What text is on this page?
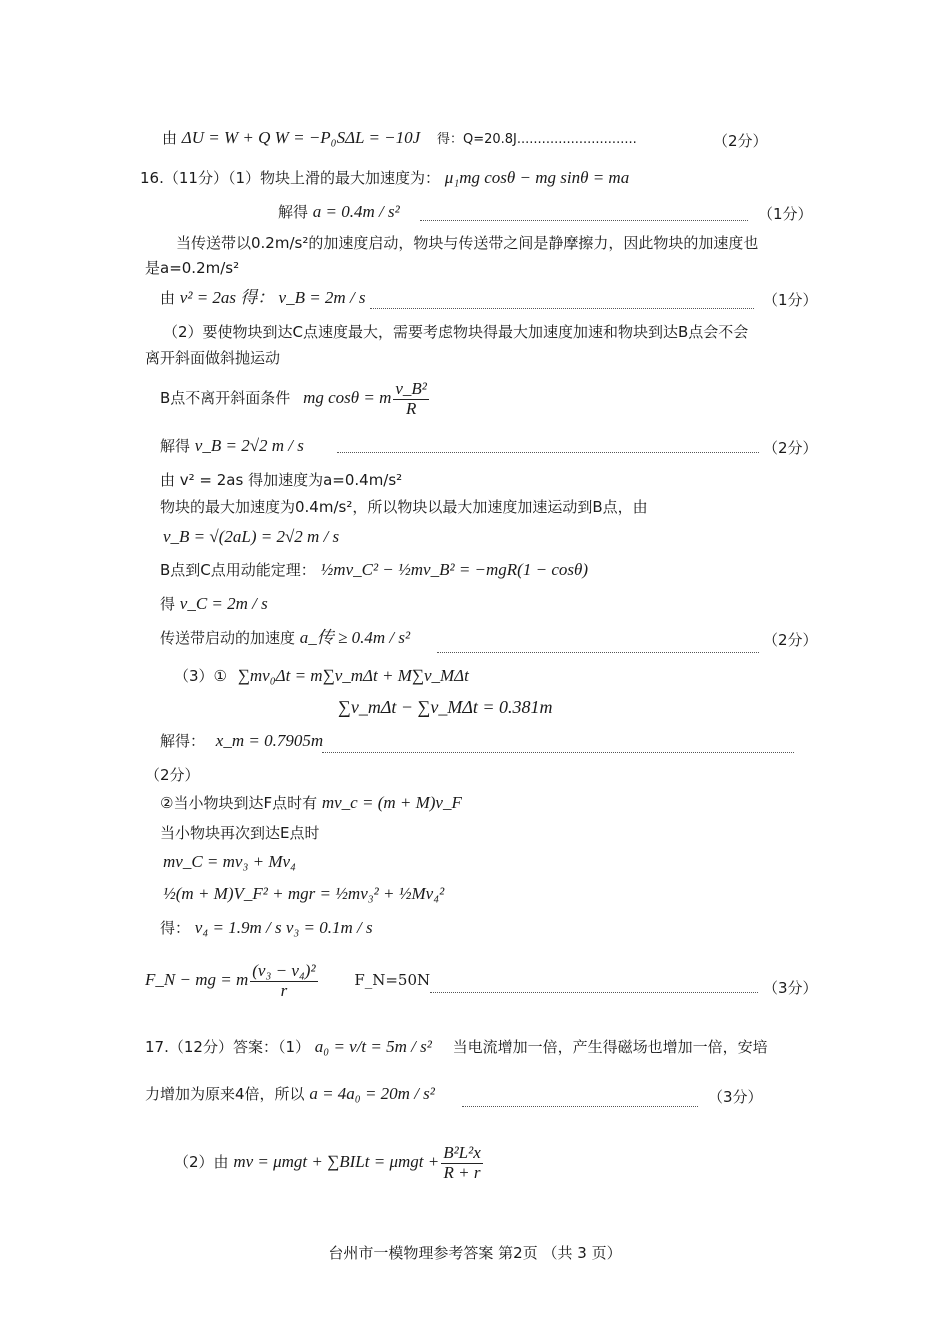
由 ΔU = W + Q W = −P₀SΔL = −10J 得：Q=20.8J.............................	（2分）
16.（11分）（1）物块上滑的最大加速度为： μ₁mg cosθ − mg sinθ = ma
解得 a = 0.4m / s²	（1分）
当传送带以0.2m/s²的加速度启动，物块与传送带之间是静摩擦力，因此物块的加速度也
是a=0.2m/s²
由 v² = 2as 得： v_B = 2m / s	（1分）
（2）要使物块到达C点速度最大，需要考虑物块得最大加速度加速和物块到达B点会不会
离开斜面做斜抛运动
B点不离开斜面条件 mg cosθ = m $\frac{\text{v\_B²}}{R}$
解得 v_B = 2√2 m / s	（2分）
由 v² = 2as 得加速度为a=0.4m/s²
物块的最大加速度为0.4m/s²，所以物块以最大加速度加速运动到B点，由
v_B = √(2aL) = 2√2 m / s
B点到C点用动能定理： ½mv_C² − ½mv_B² = −mgR(1 − cosθ)
得 v_C = 2m / s
传送带启动的加速度 a_传 ≥ 0.4m / s²	（2分）
（3）① ∑mv₀Δt = m∑v_mΔt + M∑v_MΔt
∑v_mΔt − ∑v_MΔt = 0.381m
解得： x_m = 0.7905m
（2分）
②当小物块到达F点时有 mv_c = (m + M)v_F
当小物块再次到达E点时
mv_C = mv₃ + Mv₄
½(m + M)V_F² + mgr = ½mv₃² + ½Mv₄²
得： v₄ = 1.9m / s v₃ = 0.1m / s
F_N − mg = m $\frac{\text{(v₃ − v₄)²}}{r}$ F_N=50N	（3分）
17.（12分）答案：（1） a₀ = v/t = 5m / s² 当电流增加一倍，产生得磁场也增加一倍，安培
力增加为原来4倍，所以 a = 4a₀ = 20m / s²	（3分）
（2）由 mv = μmgt + ∑BILt = $\mu mgt + \frac{\text{B²L²x}}{R + r}$
台州市一模物理参考答案 第2页 （共 3 页）
